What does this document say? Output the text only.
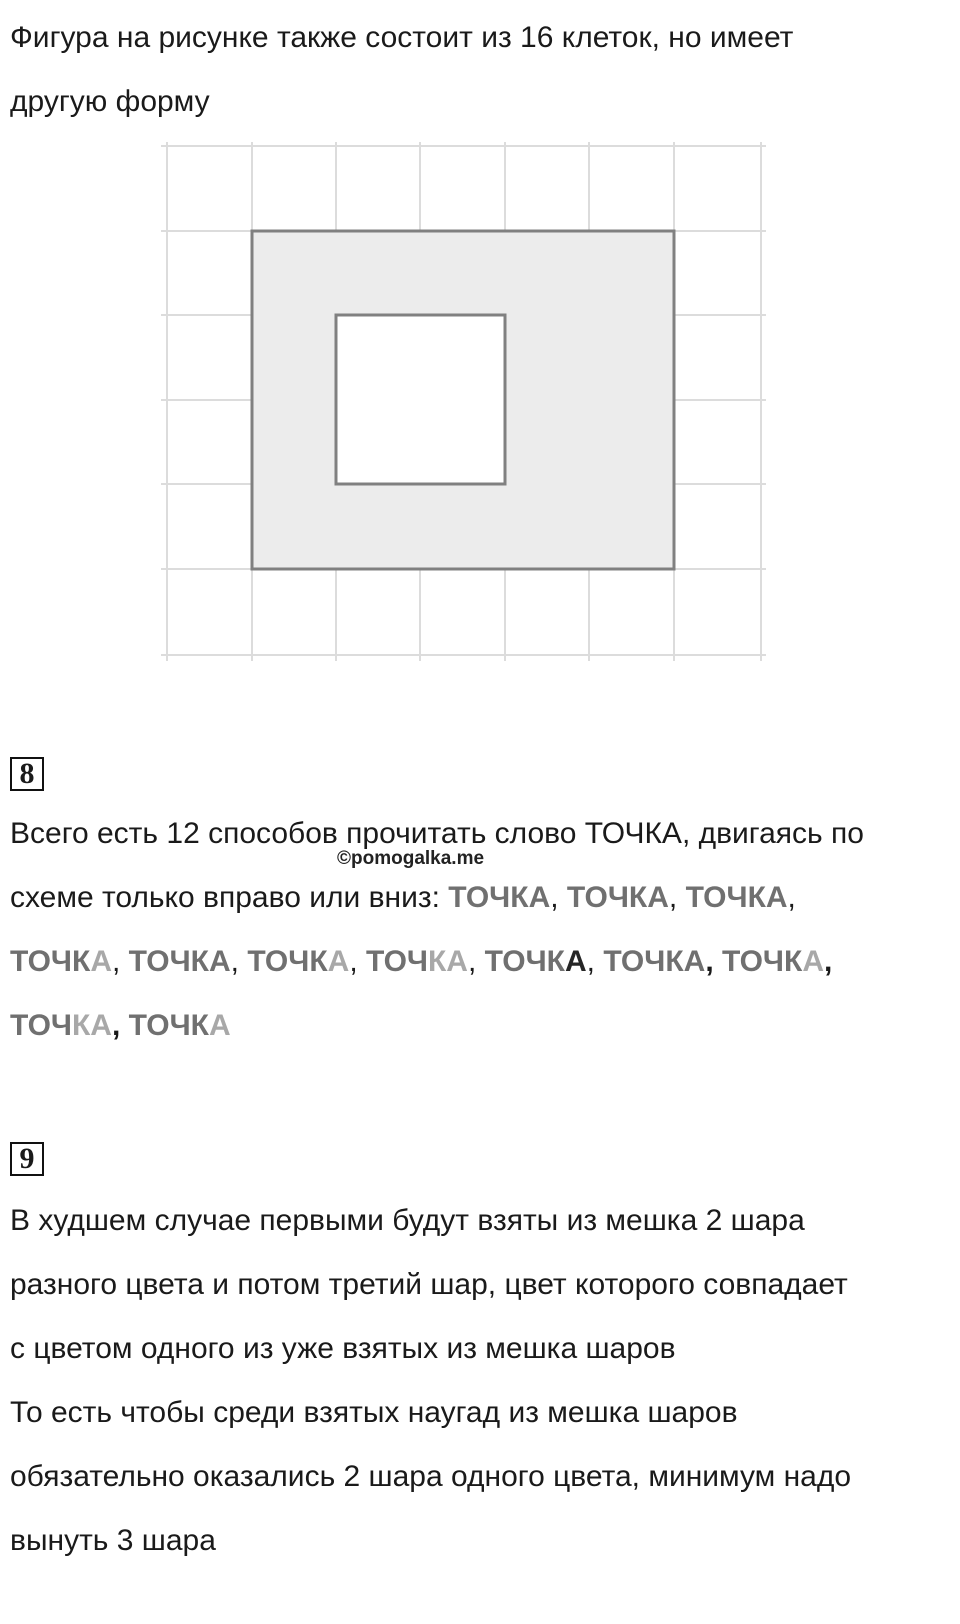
Фигура на рисунке также состоит из 16 клеток, но имеет
другую форму
8
Всего есть 12 способов прочитать слово ТОЧКА, двигаясь по
©pomogalka.me
схеме только вправо или вниз: ТОЧКА, ТОЧКА, ТОЧКА,
ТОЧКА, ТОЧКА, ТОЧКА, ТОЧКА, ТОЧКА, ТОЧКА, ТОЧКА,
ТОЧКА, ТОЧКА
9
В худшем случае первыми будут взяты из мешка 2 шара
разного цвета и потом третий шар, цвет которого совпадает
с цветом одного из уже взятых из мешка шаров
То есть чтобы среди взятых наугад из мешка шаров
обязательно оказались 2 шара одного цвета, минимум надо
вынуть 3 шара
